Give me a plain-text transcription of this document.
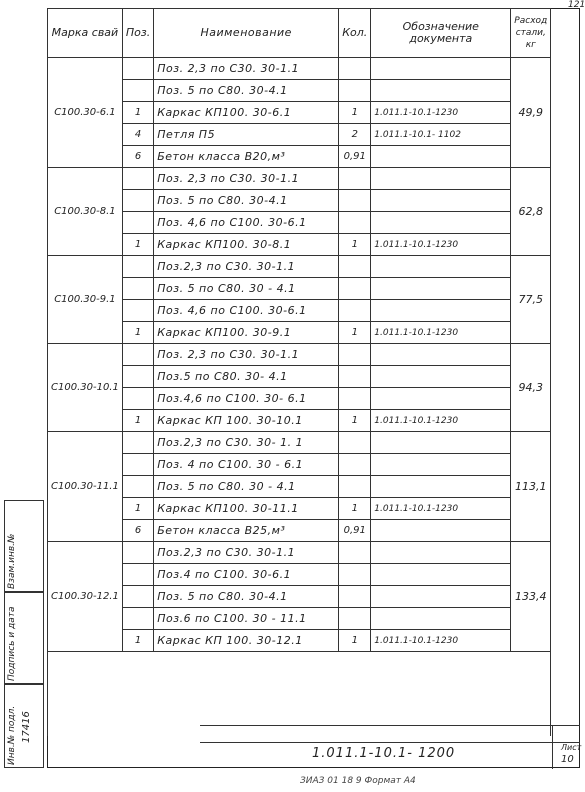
121
Марка свай	Поз.	Наименование	Кол.	Обозначение документа	Расход стали, кг
С100.30-6.1		Поз. 2,3 по С30. 30-1.1			49,9
		Поз. 5 по С80. 30-4.1			
	1	Каркас КП100. 30-6.1	1	1.011.1-10.1-1230	
	4	Петля П5	2	1.011.1-10.1- 1102	
	6	Бетон класса В20,м³	0,91		
С100.30-8.1		Поз. 2,3 по С30. 30-1.1			62,8
		Поз. 5 по С80. 30-4.1			
		Поз. 4,6 по С100. 30-6.1			
	1	Каркас КП100. 30-8.1	1	1.011.1-10.1-1230	
С100.30-9.1		Поз.2,3 по С30. 30-1.1			77,5
		Поз. 5 по С80. 30 - 4.1			
		Поз. 4,6 по С100. 30-6.1			
	1	Каркас КП100. 30-9.1	1	1.011.1-10.1-1230	
С100.30-10.1		Поз. 2,3 по С30. 30-1.1			94,3
		Поз.5 по С80. 30- 4.1			
		Поз.4,6 по С100. 30- 6.1			
	1	Каркас КП 100. 30-10.1	1	1.011.1-10.1-1230	
С100.30-11.1		Поз.2,3 по С30. 30- 1. 1			113,1
		Поз. 4 по С100. 30 - 6.1			
		Поз. 5 по С80. 30 - 4.1			
	1	Каркас КП100. 30-11.1	1	1.011.1-10.1-1230	
	6	Бетон класса В25,м³	0,91		
С100.30-12.1		Поз.2,3 по С30. 30-1.1			133,4
		Поз.4 по С100. 30-6.1			
		Поз. 5 по С80. 30-4.1			
		Поз.6 по С100. 30 - 11.1			
	1	Каркас КП 100. 30-12.1	1	1.011.1-10.1-1230	

Взам.инв.№
Подпись и дата
Инв.№ подл. 17416
1.011.1-10.1- 1200	Лист
10
ЗИАЗ 01 18 9 Формат А4
